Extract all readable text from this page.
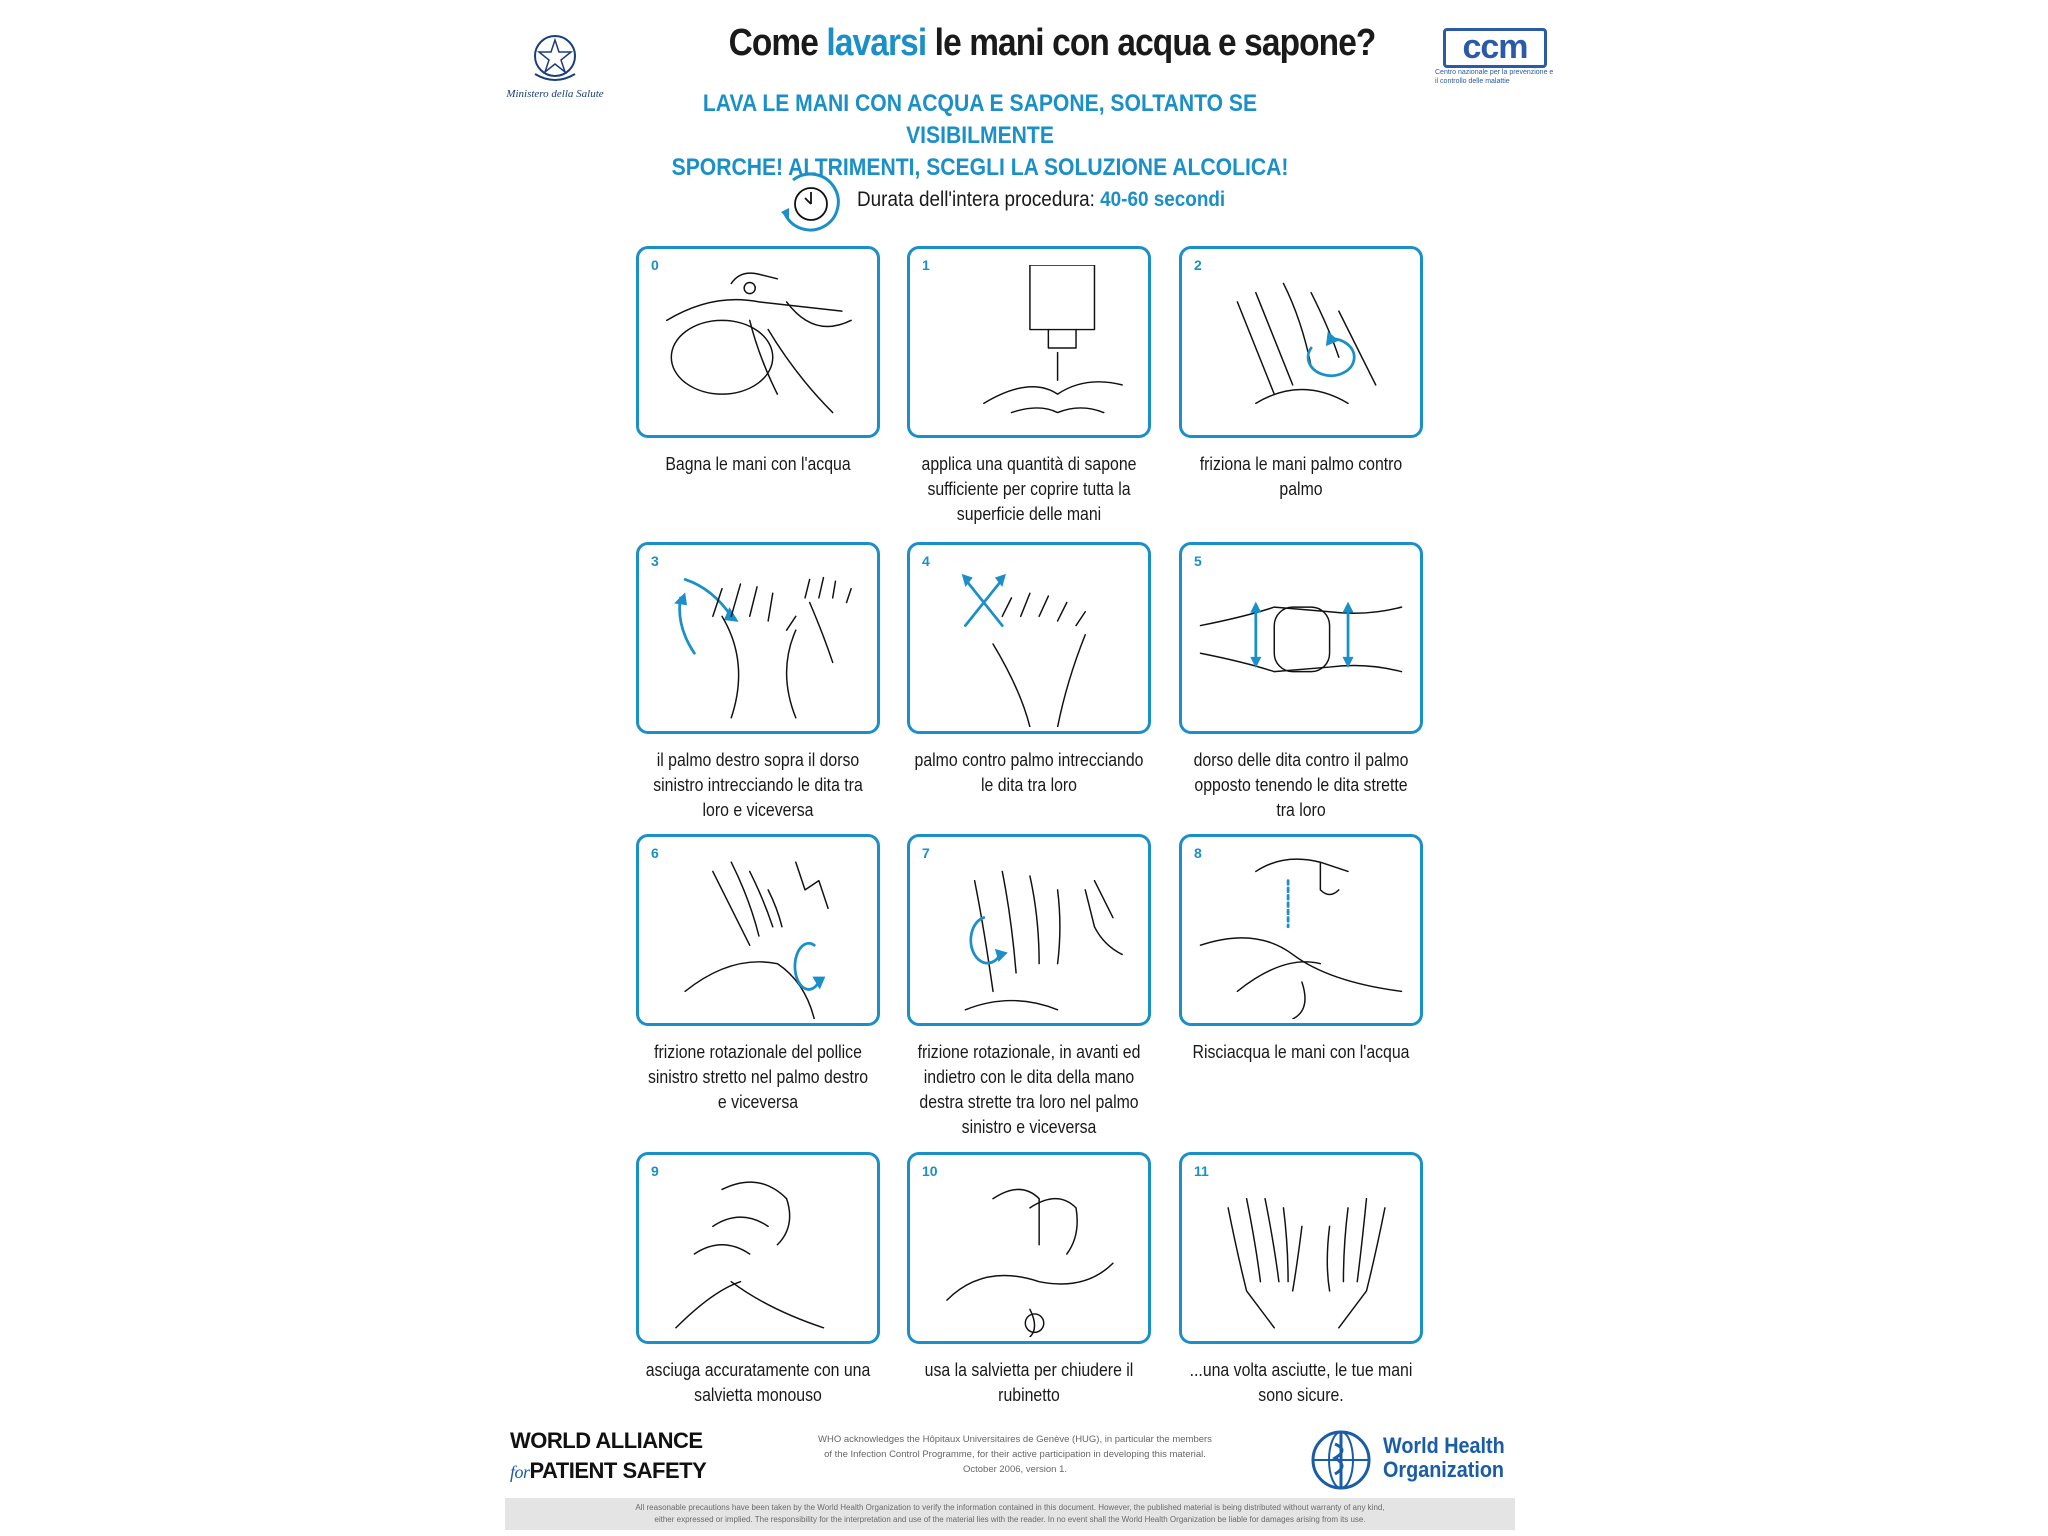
Ministero della Salute
Come lavarsi le mani con acqua e sapone?	ccm
Centro nazionale per la prevenzione e il controllo delle malattie
LAVA LE MANI CON ACQUA E SAPONE, SOLTANTO SE VISIBILMENTE
SPORCHE! ALTRIMENTI, SCEGLI LA SOLUZIONE ALCOLICA!
Durata dell'intera procedura: 40-60 secondi
0
Bagna le mani con l'acqua
1
applica una quantità di sapone sufficiente per coprire tutta la superficie delle mani
2
friziona le mani palmo contro palmo
3
il palmo destro sopra il dorso sinistro intrecciando le dita tra loro e viceversa
4
palmo contro palmo intrecciando le dita tra loro
5
dorso delle dita contro il palmo opposto tenendo le dita strette tra loro
6
frizione rotazionale del pollice sinistro stretto nel palmo destro e viceversa
7
frizione rotazionale, in avanti ed indietro con le dita della mano destra strette tra loro nel palmo sinistro e viceversa
8
Risciacqua le mani con l'acqua
9
asciuga accuratamente con una salvietta monouso
10
usa la salvietta per chiudere il rubinetto
11
...una volta asciutte, le tue mani sono sicure.
WORLD ALLIANCE
forPATIENT SAFETY
WHO acknowledges the Hôpitaux Universitaires de Genève (HUG), in particular the members
of the Infection Control Programme, for their active participation in developing this material.
October 2006, version 1.
World Health
Organization
All reasonable precautions have been taken by the World Health Organization to verify the information contained in this document. However, the published material is being distributed without warranty of any kind,
either expressed or implied. The responsibility for the interpretation and use of the material lies with the reader. In no event shall the World Health Organization be liable for damages arising from its use.
